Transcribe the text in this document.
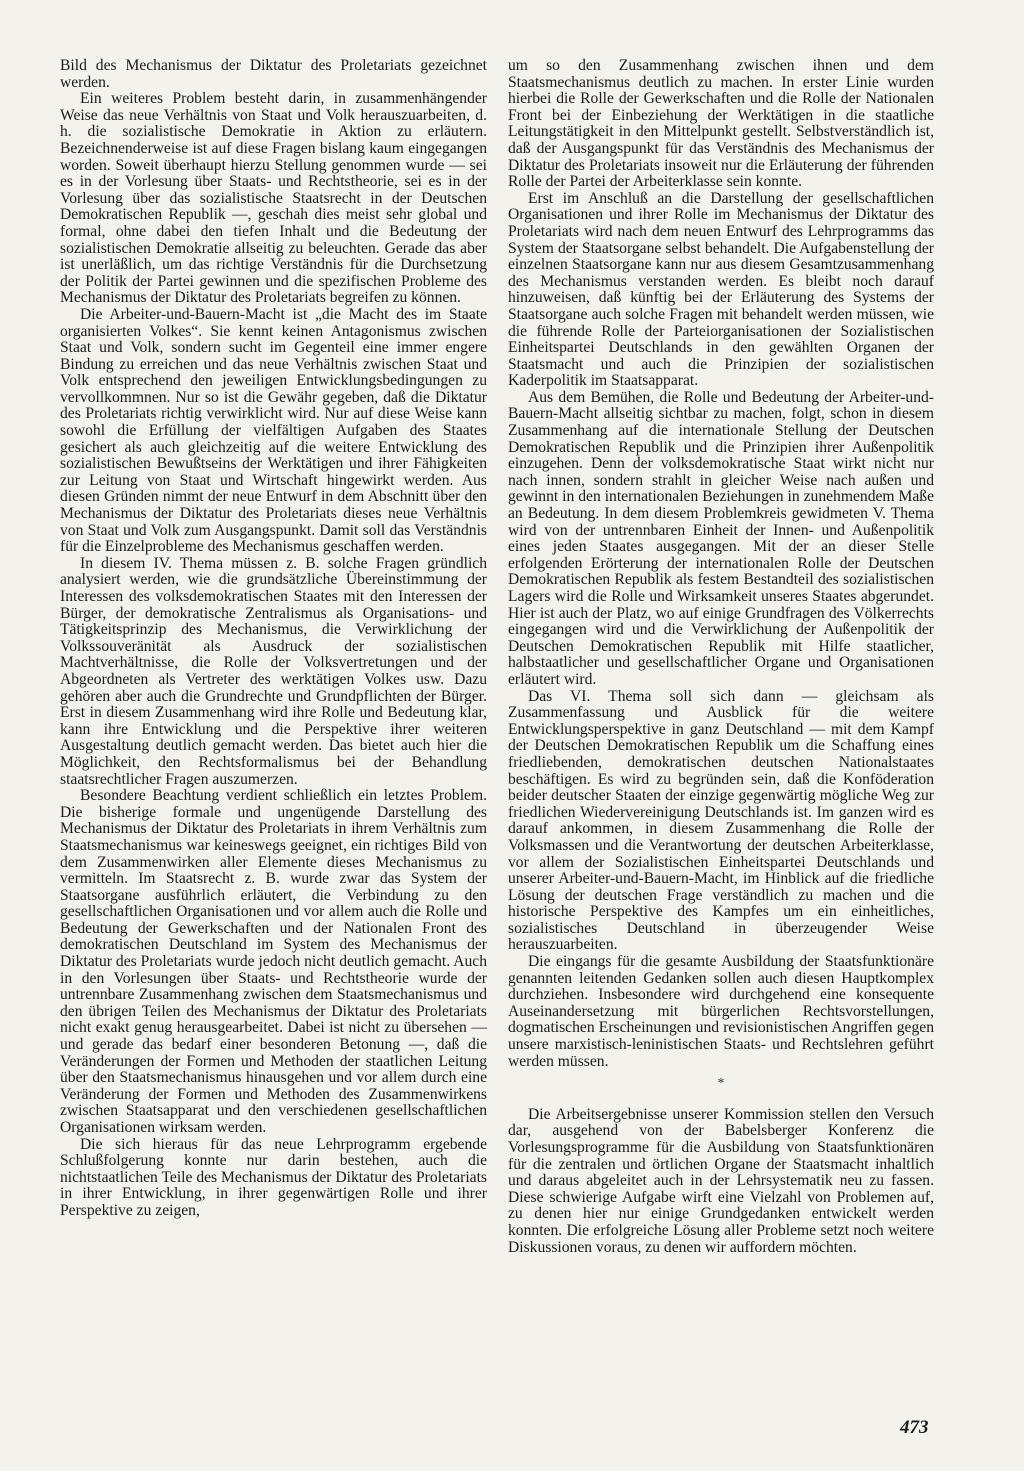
Bild des Mechanismus der Diktatur des Proletariats gezeichnet werden.

Ein weiteres Problem besteht darin, in zusammenhängender Weise das neue Verhältnis von Staat und Volk herauszuarbeiten, d. h. die sozialistische Demokratie in Aktion zu erläutern. Bezeichnenderweise ist auf diese Fragen bislang kaum eingegangen worden. Soweit überhaupt hierzu Stellung genommen wurde — sei es in der Vorlesung über Staats- und Rechtstheorie, sei es in der Vorlesung über das sozialistische Staatsrecht in der Deutschen Demokratischen Republik —, geschah dies meist sehr global und formal, ohne dabei den tiefen Inhalt und die Bedeutung der sozialistischen Demokratie allseitig zu beleuchten. Gerade das aber ist unerläßlich, um das richtige Verständnis für die Durchsetzung der Politik der Partei gewinnen und die spezifischen Probleme des Mechanismus der Diktatur des Proletariats begreifen zu können.

Die Arbeiter-und-Bauern-Macht ist „die Macht des im Staate organisierten Volkes“. Sie kennt keinen Antagonismus zwischen Staat und Volk, sondern sucht im Gegenteil eine immer engere Bindung zu erreichen und das neue Verhältnis zwischen Staat und Volk entsprechend den jeweiligen Entwicklungsbedingungen zu vervollkommnen. Nur so ist die Gewähr gegeben, daß die Diktatur des Proletariats richtig verwirklicht wird. Nur auf diese Weise kann sowohl die Erfüllung der vielfältigen Aufgaben des Staates gesichert als auch gleichzeitig auf die weitere Entwicklung des sozialistischen Bewußtseins der Werktätigen und ihrer Fähigkeiten zur Leitung von Staat und Wirtschaft hingewirkt werden. Aus diesen Gründen nimmt der neue Entwurf in dem Abschnitt über den Mechanismus der Diktatur des Proletariats dieses neue Verhältnis von Staat und Volk zum Ausgangspunkt. Damit soll das Verständnis für die Einzelprobleme des Mechanismus geschaffen werden.

In diesem IV. Thema müssen z. B. solche Fragen gründlich analysiert werden, wie die grundsätzliche Übereinstimmung der Interessen des volksdemokratischen Staates mit den Interessen der Bürger, der demokratische Zentralismus als Organisations- und Tätigkeitsprinzip des Mechanismus, die Verwirklichung der Volkssouveränität als Ausdruck der sozialistischen Machtverhältnisse, die Rolle der Volksvertretungen und der Abgeordneten als Vertreter des werktätigen Volkes usw. Dazu gehören aber auch die Grundrechte und Grundpflichten der Bürger. Erst in diesem Zusammenhang wird ihre Rolle und Bedeutung klar, kann ihre Entwicklung und die Perspektive ihrer weiteren Ausgestaltung deutlich gemacht werden. Das bietet auch hier die Möglichkeit, den Rechtsformalismus bei der Behandlung staatsrechtlicher Fragen auszumerzen.

Besondere Beachtung verdient schließlich ein letztes Problem. Die bisherige formale und ungenügende Darstellung des Mechanismus der Diktatur des Proletariats in ihrem Verhältnis zum Staatsmechanismus war keineswegs geeignet, ein richtiges Bild von dem Zusammenwirken aller Elemente dieses Mechanismus zu vermitteln. Im Staatsrecht z. B. wurde zwar das System der Staatsorgane ausführlich erläutert, die Verbindung zu den gesellschaftlichen Organisationen und vor allem auch die Rolle und Bedeutung der Gewerkschaften und der Nationalen Front des demokratischen Deutschland im System des Mechanismus der Diktatur des Proletariats wurde jedoch nicht deutlich gemacht. Auch in den Vorlesungen über Staats- und Rechtstheorie wurde der untrennbare Zusammenhang zwischen dem Staatsmechanismus und den übrigen Teilen des Mechanismus der Diktatur des Proletariats nicht exakt genug herausgearbeitet. Dabei ist nicht zu übersehen — und gerade das bedarf einer besonderen Betonung —, daß die Veränderungen der Formen und Methoden der staatlichen Leitung über den Staatsmechanismus hinausgehen und vor allem durch eine Veränderung der Formen und Methoden des Zusammenwirkens zwischen Staatsapparat und den verschiedenen gesellschaftlichen Organisationen wirksam werden.

Die sich hieraus für das neue Lehrprogramm ergebende Schlußfolgerung konnte nur darin bestehen, auch die nichtstaatlichen Teile des Mechanismus der Diktatur des Proletariats in ihrer Entwicklung, in ihrer gegenwärtigen Rolle und ihrer Perspektive zu zeigen,

um so den Zusammenhang zwischen ihnen und dem Staatsmechanismus deutlich zu machen. In erster Linie wurden hierbei die Rolle der Gewerkschaften und die Rolle der Nationalen Front bei der Einbeziehung der Werktätigen in die staatliche Leitungstätigkeit in den Mittelpunkt gestellt. Selbstverständlich ist, daß der Ausgangspunkt für das Verständnis des Mechanismus der Diktatur des Proletariats insoweit nur die Erläuterung der führenden Rolle der Partei der Arbeiterklasse sein konnte.

Erst im Anschluß an die Darstellung der gesellschaftlichen Organisationen und ihrer Rolle im Mechanismus der Diktatur des Proletariats wird nach dem neuen Entwurf des Lehrprogramms das System der Staatsorgane selbst behandelt. Die Aufgabenstellung der einzelnen Staatsorgane kann nur aus diesem Gesamtzusammenhang des Mechanismus verstanden werden. Es bleibt noch darauf hinzuweisen, daß künftig bei der Erläuterung des Systems der Staatsorgane auch solche Fragen mit behandelt werden müssen, wie die führende Rolle der Parteiorganisationen der Sozialistischen Einheitspartei Deutschlands in den gewählten Organen der Staatsmacht und auch die Prinzipien der sozialistischen Kaderpolitik im Staatsapparat.

Aus dem Bemühen, die Rolle und Bedeutung der Arbeiter-und-Bauern-Macht allseitig sichtbar zu machen, folgt, schon in diesem Zusammenhang auf die internationale Stellung der Deutschen Demokratischen Republik und die Prinzipien ihrer Außenpolitik einzugehen. Denn der volksdemokratische Staat wirkt nicht nur nach innen, sondern strahlt in gleicher Weise nach außen und gewinnt in den internationalen Beziehungen in zunehmendem Maße an Bedeutung. In dem diesem Problemkreis gewidmeten V. Thema wird von der untrennbaren Einheit der Innen- und Außenpolitik eines jeden Staates ausgegangen. Mit der an dieser Stelle erfolgenden Erörterung der internationalen Rolle der Deutschen Demokratischen Republik als festem Bestandteil des sozialistischen Lagers wird die Rolle und Wirksamkeit unseres Staates abgerundet. Hier ist auch der Platz, wo auf einige Grundfragen des Völkerrechts eingegangen wird und die Verwirklichung der Außenpolitik der Deutschen Demokratischen Republik mit Hilfe staatlicher, halbstaatlicher und gesellschaftlicher Organe und Organisationen erläutert wird.

Das VI. Thema soll sich dann — gleichsam als Zusammenfassung und Ausblick für die weitere Entwicklungsperspektive in ganz Deutschland — mit dem Kampf der Deutschen Demokratischen Republik um die Schaffung eines friedliebenden, demokratischen deutschen Nationalstaates beschäftigen. Es wird zu begründen sein, daß die Konföderation beider deutscher Staaten der einzige gegenwärtig mögliche Weg zur friedlichen Wiedervereinigung Deutschlands ist. Im ganzen wird es darauf ankommen, in diesem Zusammenhang die Rolle der Volksmassen und die Verantwortung der deutschen Arbeiterklasse, vor allem der Sozialistischen Einheitspartei Deutschlands und unserer Arbeiter-und-Bauern-Macht, im Hinblick auf die friedliche Lösung der deutschen Frage verständlich zu machen und die historische Perspektive des Kampfes um ein einheitliches, sozialistisches Deutschland in überzeugender Weise herauszuarbeiten.

Die eingangs für die gesamte Ausbildung der Staatsfunktionäre genannten leitenden Gedanken sollen auch diesen Hauptkomplex durchziehen. Insbesondere wird durchgehend eine konsequente Auseinandersetzung mit bürgerlichen Rechtsvorstellungen, dogmatischen Erscheinungen und revisionistischen Angriffen gegen unsere marxistisch-leninistischen Staats- und Rechtslehren geführt werden müssen.

*

Die Arbeitsergebnisse unserer Kommission stellen den Versuch dar, ausgehend von der Babelsberger Konferenz die Vorlesungsprogramme für die Ausbildung von Staatsfunktionären für die zentralen und örtlichen Organe der Staatsmacht inhaltlich und daraus abgeleitet auch in der Lehrsystematik neu zu fassen. Diese schwierige Aufgabe wirft eine Vielzahl von Problemen auf, zu denen hier nur einige Grundgedanken entwickelt werden konnten. Die erfolgreiche Lösung aller Probleme setzt noch weitere Diskussionen voraus, zu denen wir auffordern möchten.

473
